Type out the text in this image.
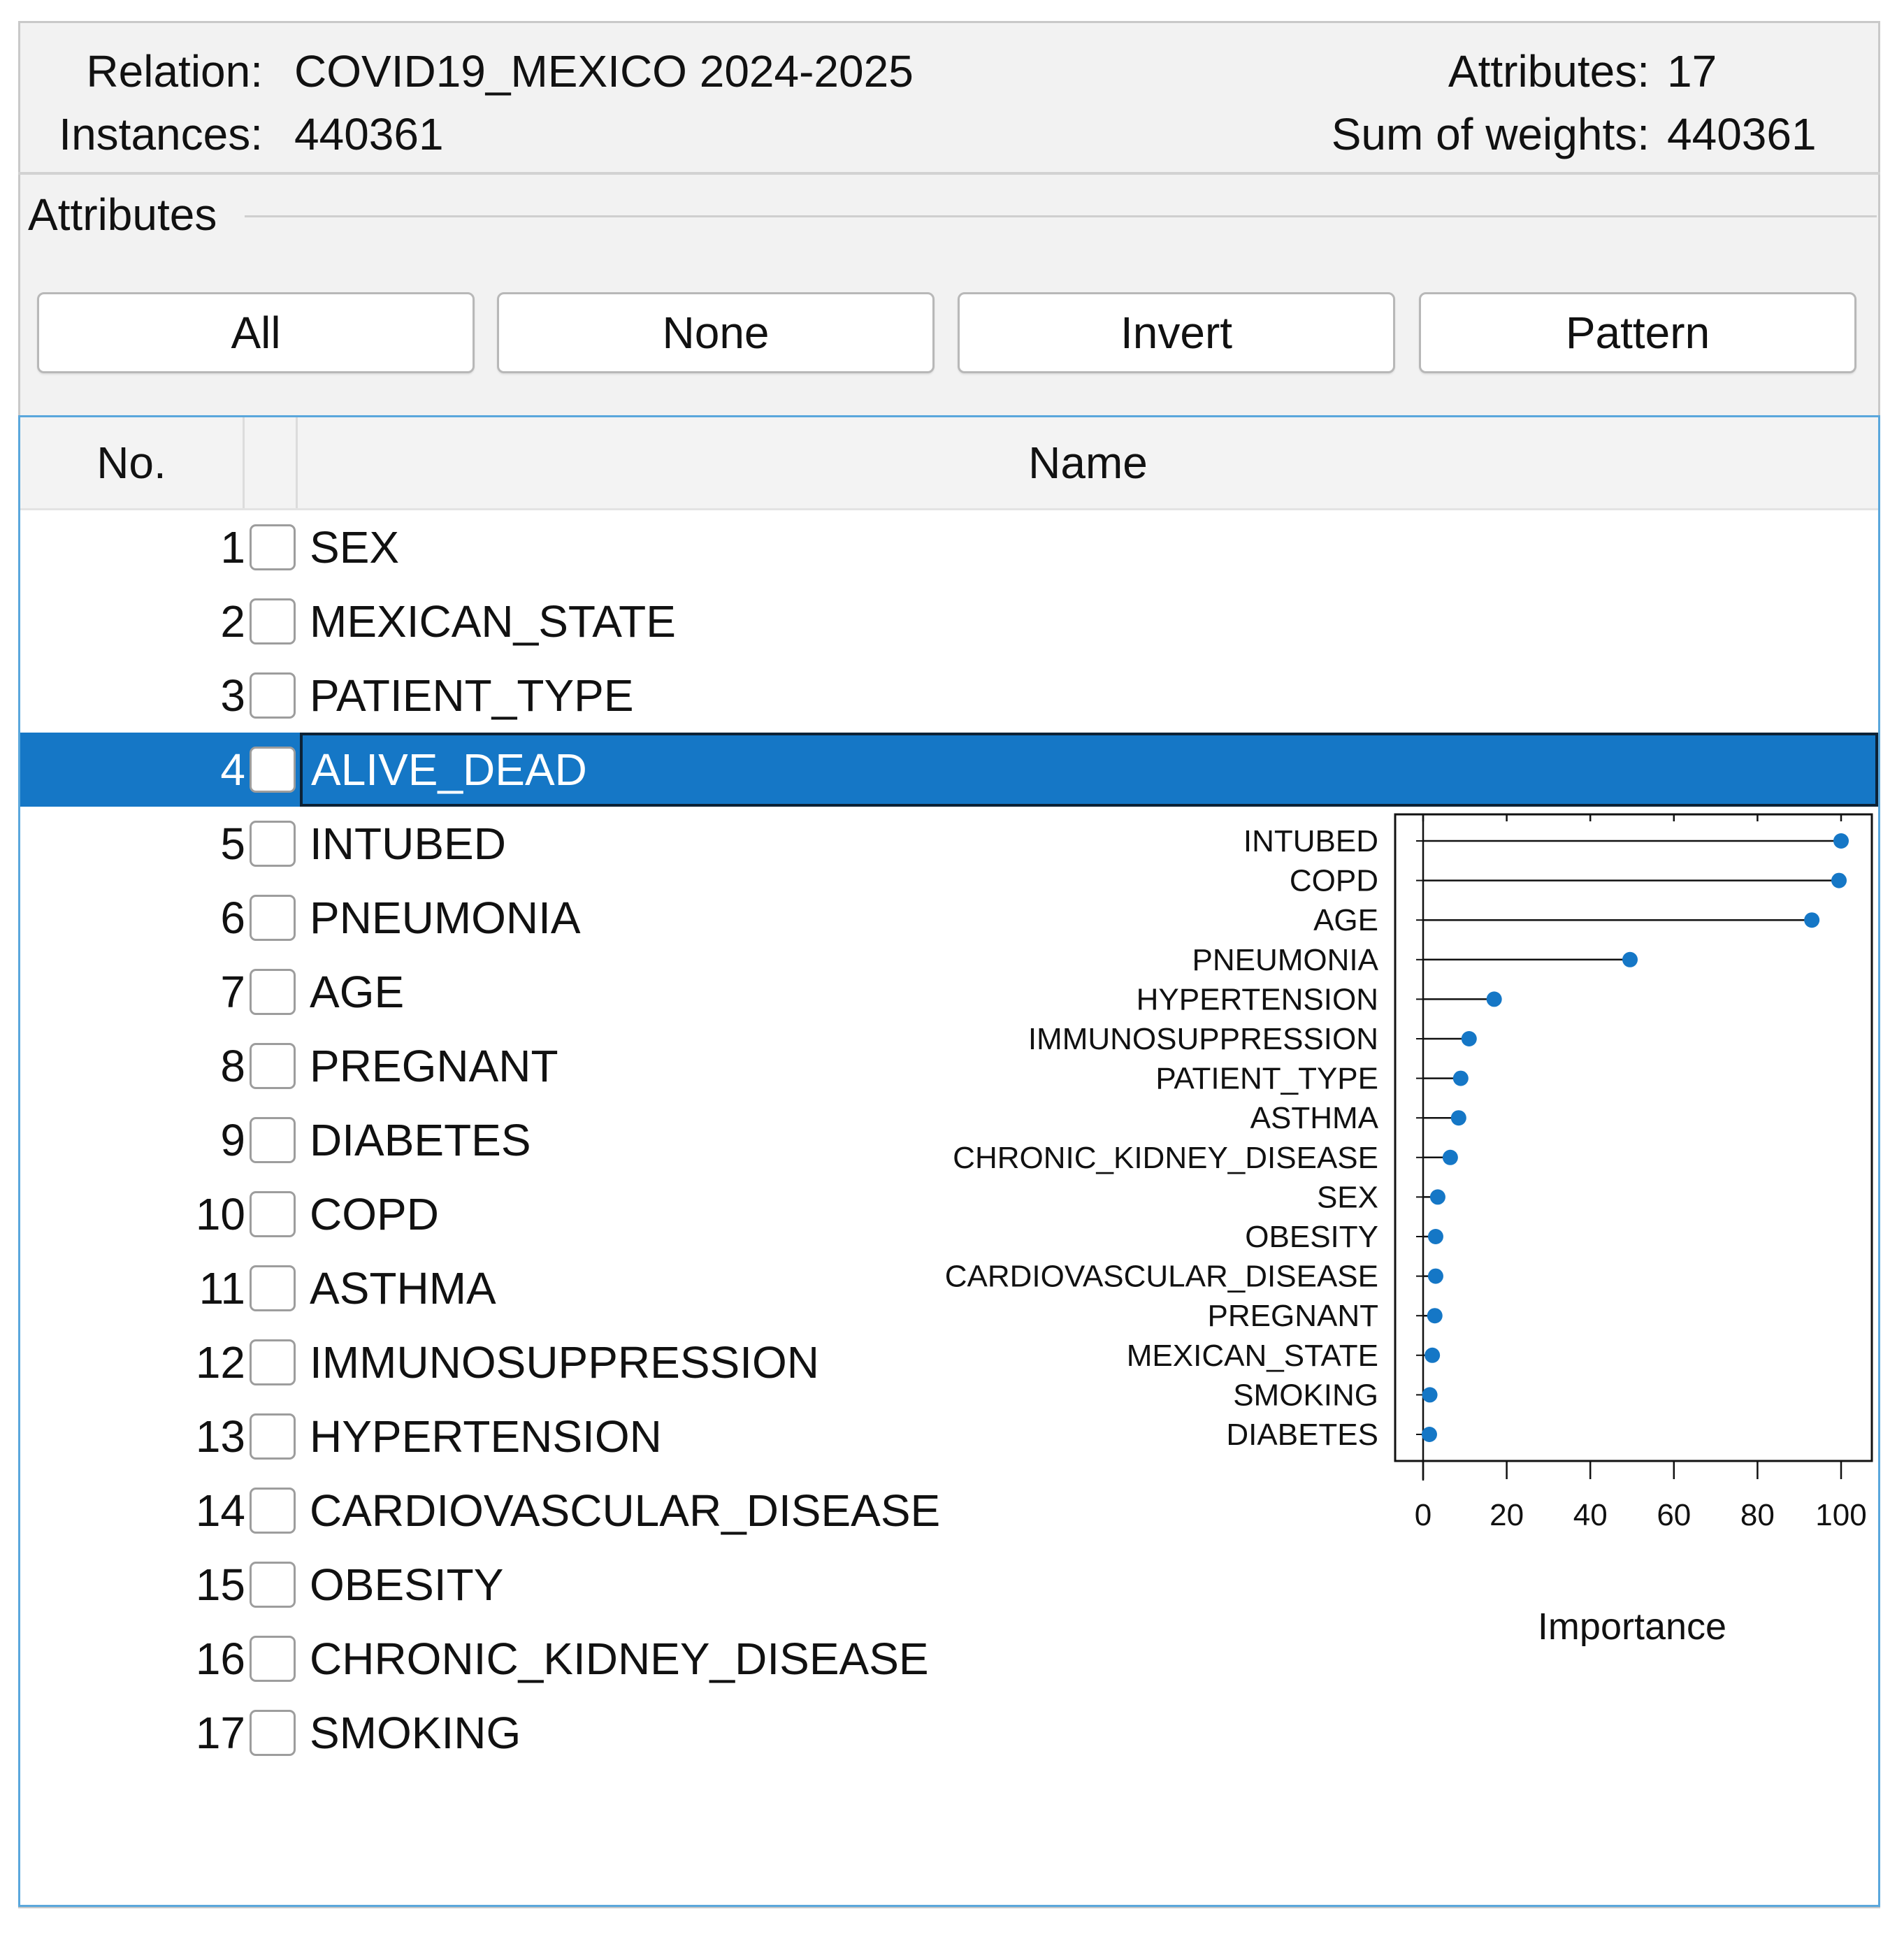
Relation: COVID19_MEXICO 2024-2025
Instances: 440361
Attributes: 17
Sum of weights: 440361
Attributes
All	None	Invert	Pattern
No.	Name
1 SEX
2 MEXICAN_STATE
3 PATIENT_TYPE
4 ALIVE_DEAD
5 INTUBED
6 PNEUMONIA
7 AGE
8 PREGNANT
9 DIABETES
10 COPD
11 ASTHMA
12 IMMUNOSUPPRESSION
13 HYPERTENSION
14 CARDIOVASCULAR_DISEASE
15 OBESITY
16 CHRONIC_KIDNEY_DISEASE
17 SMOKING
0 20 40 60 80 100
INTUBED
COPD
AGE
PNEUMONIA
HYPERTENSION
IMMUNOSUPPRESSION
PATIENT_TYPE
ASTHMA
CHRONIC_KIDNEY_DISEASE
SEX
OBESITY
CARDIOVASCULAR_DISEASE
PREGNANT
MEXICAN_STATE
SMOKING
DIABETES
Importance
